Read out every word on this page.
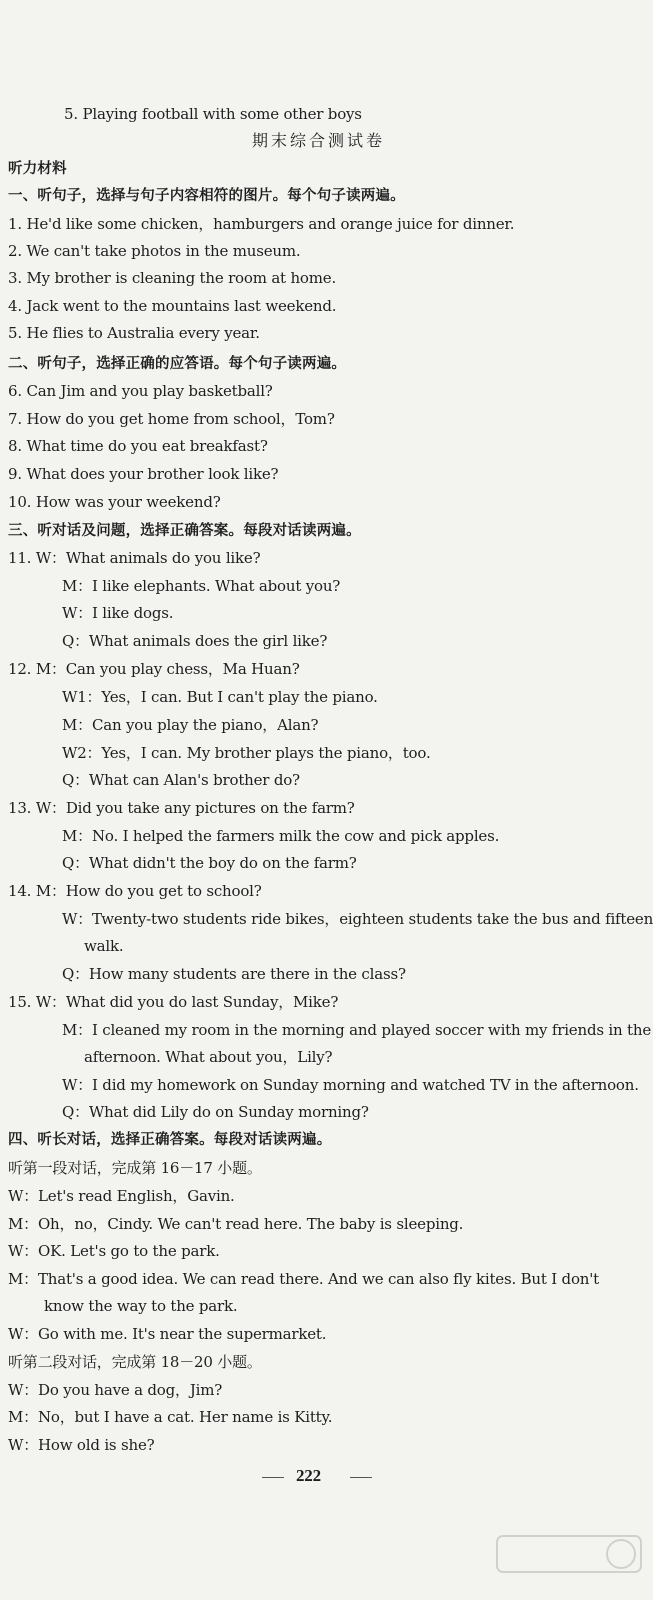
5. Playing football with some other boys
期末综合测试卷
听力材料
一、听句子，选择与句子内容相符的图片。每个句子读两遍。
1. He'd like some chicken，hamburgers and orange juice for dinner.
2. We can't take photos in the museum.
3. My brother is cleaning the room at home.
4. Jack went to the mountains last weekend.
5. He flies to Australia every year.
二、听句子，选择正确的应答语。每个句子读两遍。
6. Can Jim and you play basketball?
7. How do you get home from school，Tom?
8. What time do you eat breakfast?
9. What does your brother look like?
10. How was your weekend?
三、听对话及问题，选择正确答案。每段对话读两遍。
11. W：What animals do you like?
M：I like elephants. What about you?
W：I like dogs.
Q：What animals does the girl like?
12. M：Can you play chess，Ma Huan?
W1：Yes，I can. But I can't play the piano.
M：Can you play the piano，Alan?
W2：Yes，I can. My brother plays the piano，too.
Q：What can Alan's brother do?
13. W：Did you take any pictures on the farm?
M：No. I helped the farmers milk the cow and pick apples.
Q：What didn't the boy do on the farm?
14. M：How do you get to school?
W：Twenty-two students ride bikes，eighteen students take the bus and fifteen
walk.
Q：How many students are there in the class?
15. W：What did you do last Sunday，Mike?
M：I cleaned my room in the morning and played soccer with my friends in the
afternoon. What about you，Lily?
W：I did my homework on Sunday morning and watched TV in the afternoon.
Q：What did Lily do on Sunday morning?
四、听长对话，选择正确答案。每段对话读两遍。
听第一段对话，完成第 16－17 小题。
W：Let's read English，Gavin.
M：Oh，no，Cindy. We can't read here. The baby is sleeping.
W：OK. Let's go to the park.
M：That's a good idea. We can read there. And we can also fly kites. But I don't
know the way to the park.
W：Go with me. It's near the supermarket.
听第二段对话，完成第 18－20 小题。
W：Do you have a dog，Jim?
M：No，but I have a cat. Her name is Kitty.
W：How old is she?
222
